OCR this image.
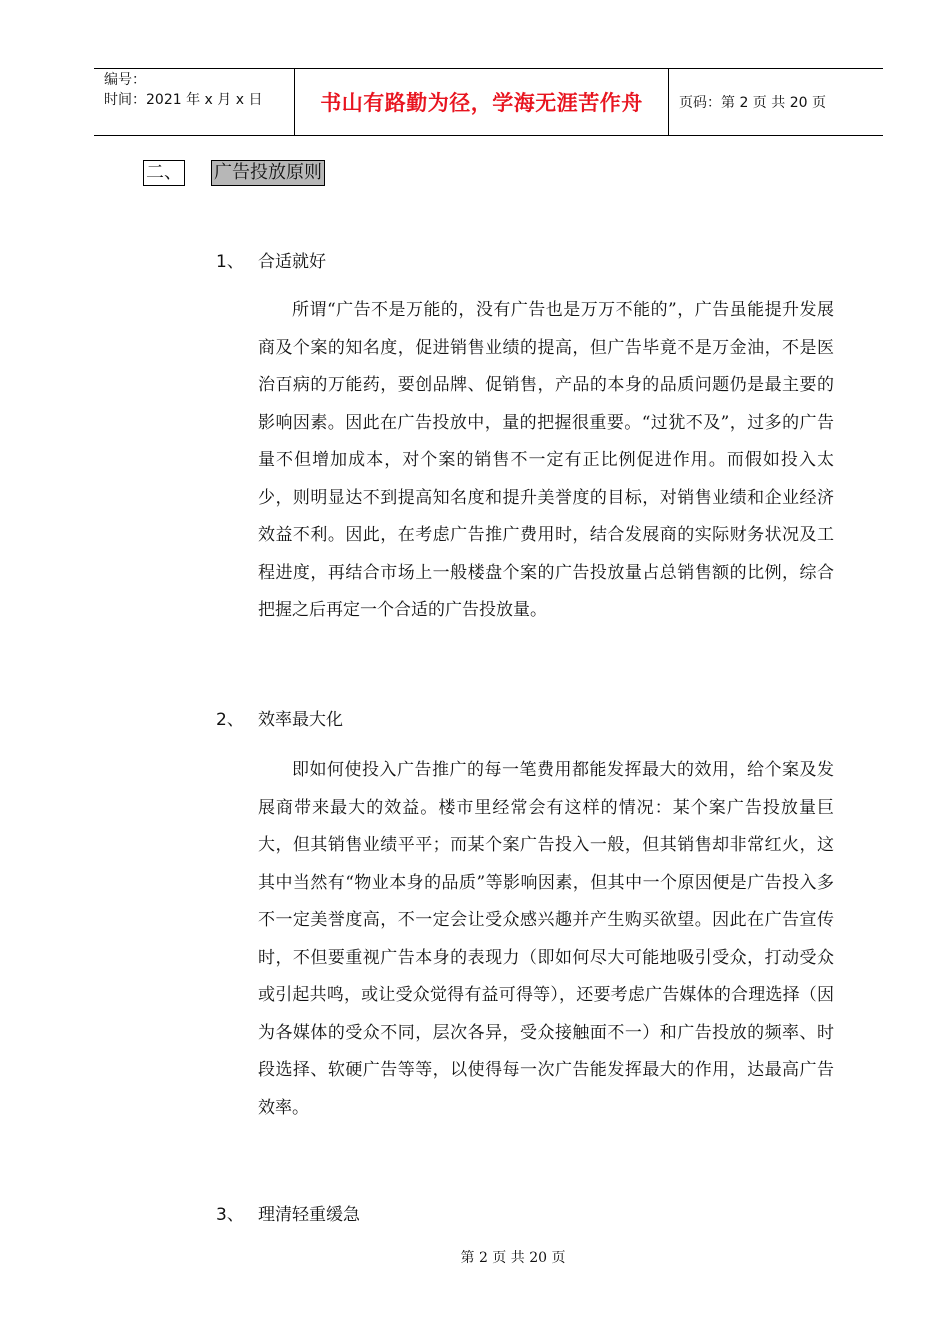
编号：
时间：2021 年 x 月 x 日	书山有路勤为径，学海无涯苦作舟	页码：第 2 页 共 20 页
二、 广告投放原则
1、 合适就好

所谓“广告不是万能的，没有广告也是万万不能的”，广告虽能提升发展商及个案的知名度，促进销售业绩的提高，但广告毕竟不是万金油，不是医治百病的万能药，要创品牌、促销售，产品的本身的品质问题仍是最主要的影响因素。因此在广告投放中，量的把握很重要。“过犹不及”，过多的广告量不但增加成本，对个案的销售不一定有正比例促进作用。而假如投入太少，则明显达不到提高知名度和提升美誉度的目标，对销售业绩和企业经济效益不利。因此，在考虑广告推广费用时，结合发展商的实际财务状况及工程进度，再结合市场上一般楼盘个案的广告投放量占总销售额的比例，综合把握之后再定一个合适的广告投放量。

2、 效率最大化

即如何使投入广告推广的每一笔费用都能发挥最大的效用，给个案及发展商带来最大的效益。楼市里经常会有这样的情况：某个案广告投放量巨大，但其销售业绩平平；而某个案广告投入一般，但其销售却非常红火，这其中当然有“物业本身的品质”等影响因素，但其中一个原因便是广告投入多不一定美誉度高，不一定会让受众感兴趣并产生购买欲望。因此在广告宣传时，不但要重视广告本身的表现力（即如何尽大可能地吸引受众，打动受众或引起共鸣，或让受众觉得有益可得等），还要考虑广告媒体的合理选择（因为各媒体的受众不同，层次各异，受众接触面不一）和广告投放的频率、时段选择、软硬广告等等，以使得每一次广告能发挥最大的作用，达最高广告效率。

3、 理清轻重缓急
第 2 页 共 20 页
